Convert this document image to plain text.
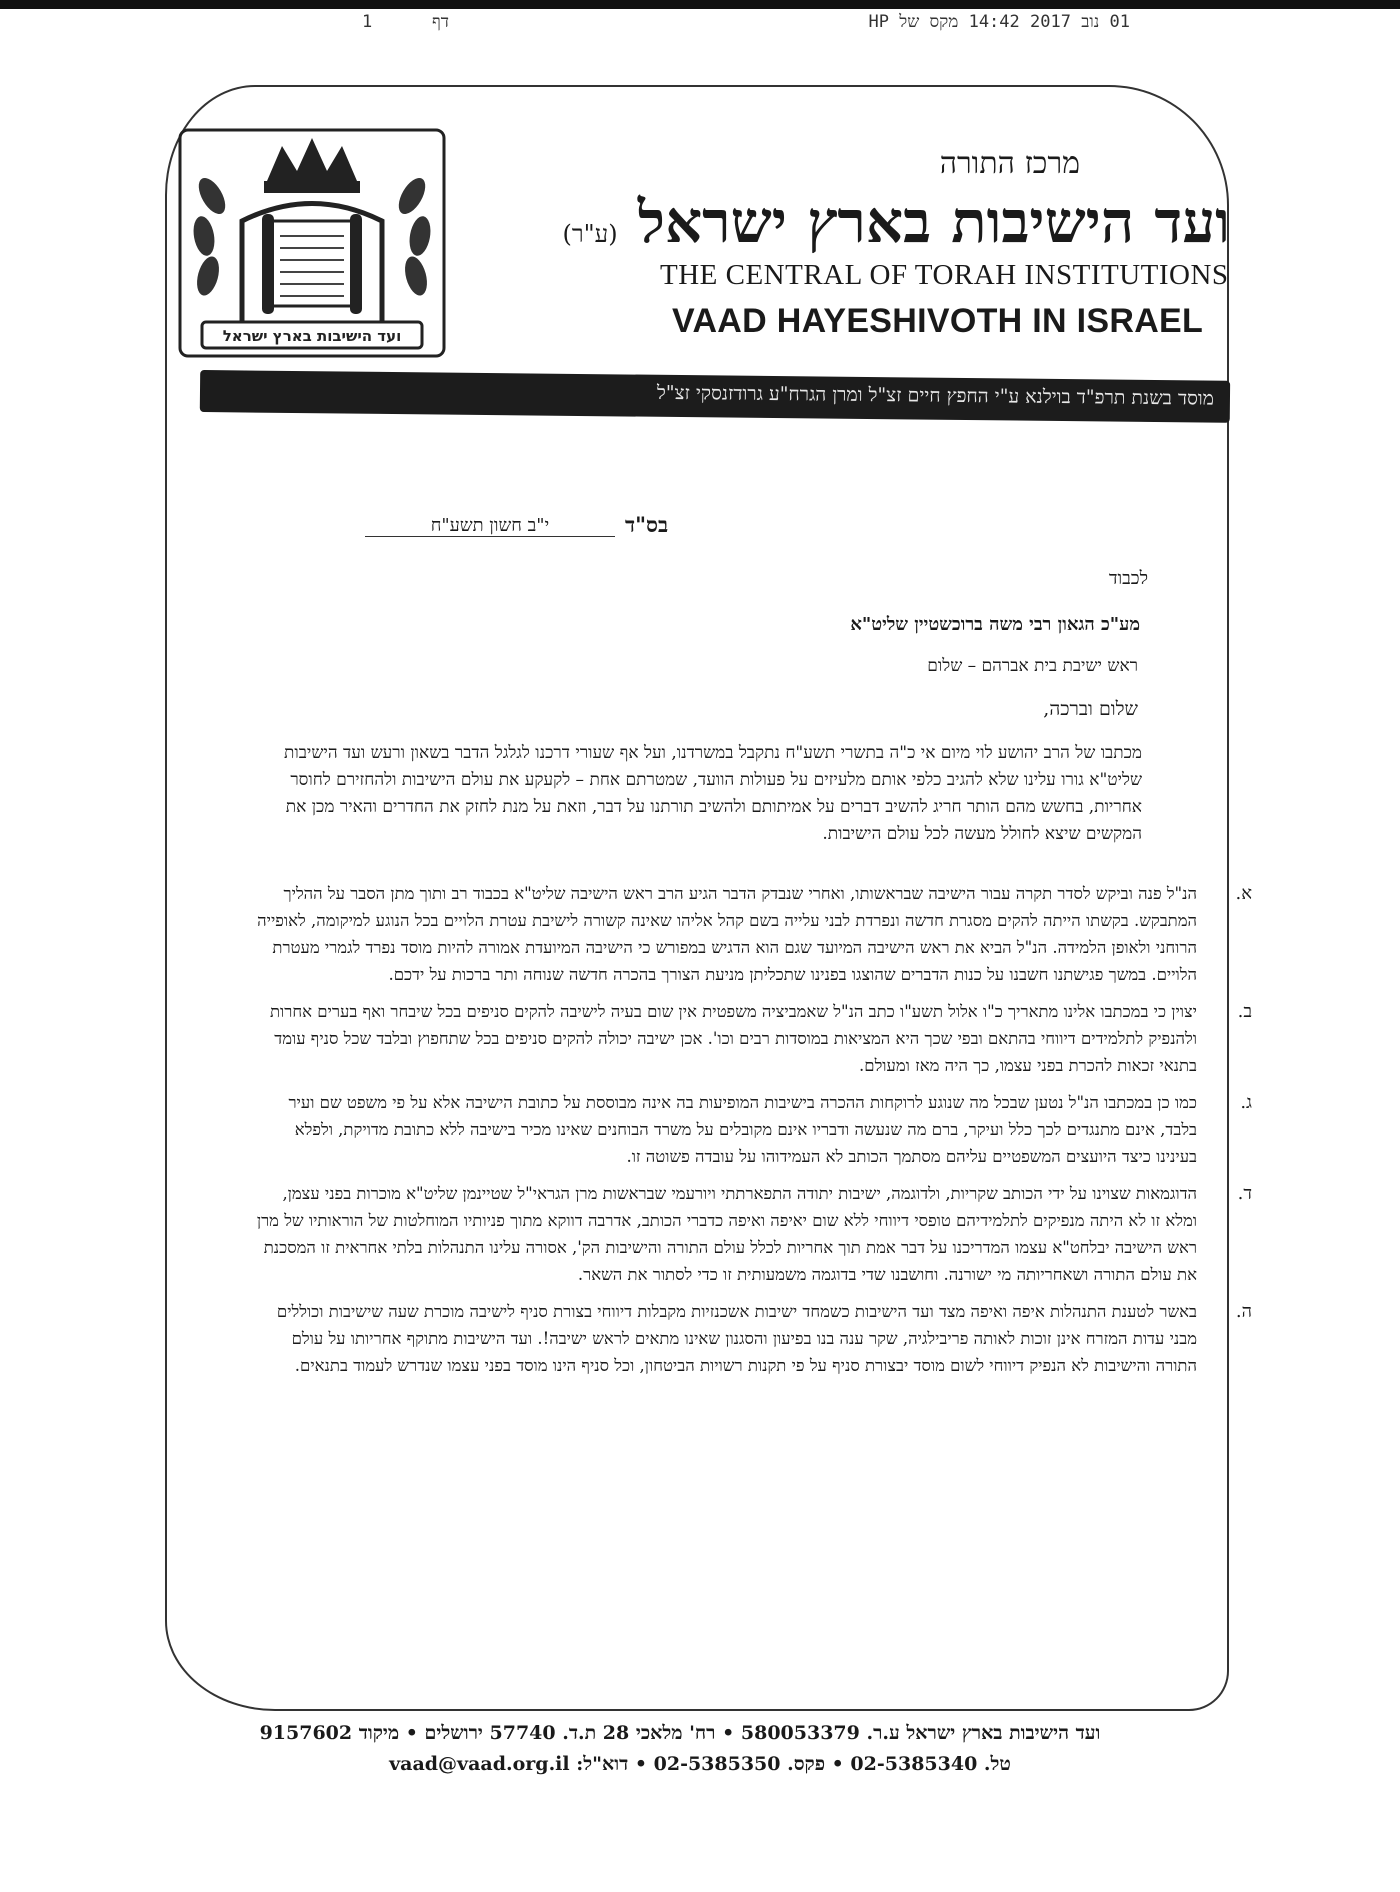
1	דף	01 נוב 2017 14:42 מקס של HP
ועד הישיבות בארץ ישראל
מרכז התורה
ועד הישיבות בארץ ישראל (ע"ר)
THE CENTRAL OF TORAH INSTITUTIONS
VAAD HAYESHIVOTH IN ISRAEL
מוסד בשנת תרפ"ד בוילנא ע"י החפץ חיים זצ"ל ומרן הגרח"ע גרודזנסקי זצ"ל
בס"ד
י"ב חשון תשע"ח
לכבוד
מע"כ הגאון רבי משה ברוכשטיין שליט"א
ראש ישיבת בית אברהם – שלום
שלום וברכה,
מכתבו של הרב יהושע לוי מיום אי כ"ה בתשרי תשע"ח נתקבל במשרדנו, ועל אף שעורי דרכנו לגלגל הדבר בשאון ורעש ועד הישיבות שליט"א גורו עלינו שלא להגיב כלפי אותם מלעיזים על פעולות הוועד, שמטרתם אחת – לקעקע את עולם הישיבות ולהחזירם לחוסר אחריות, בחשש מהם הותר חריג להשיב דברים על אמיתותם ולהשיב תורתנו על דבר, וזאת על מנת לחזק את החדרים והאיר מכן את המקשים שיצא לחולל מעשה לכל עולם הישיבות.
א.
הנ"ל פנה וביקש לסדר תקרה עבור הישיבה שבראשותו, ואחרי שנבדק הדבר הגיע הרב ראש הישיבה שליט"א בכבוד רב ותוך מתן הסבר על ההליך המתבקש. בקשתו הייתה להקים מסגרת חדשה ונפרדת לבני עלייה בשם קהל אליהו שאינה קשורה לישיבת עטרת הלויים בכל הנוגע למיקומה, לאופייה הרוחני ולאופן הלמידה. הנ"ל הביא את ראש הישיבה המיועד שגם הוא הדגיש במפורש כי הישיבה המיועדת אמורה להיות מוסד נפרד לגמרי מעטרת הלויים. במשך פגישתנו חשבנו על כנות הדברים שהוצגו בפנינו שתכליתן מניעת הצורך בהכרה חדשה שנוחה ותר ברכות על ידכם.
ב.
יצוין כי במכתבו אלינו מתאריך כ"ו אלול תשע"ו כתב הנ"ל שאמביציה משפטית אין שום בעיה לישיבה להקים סניפים בכל שיבחר ואף בערים אחרות ולהנפיק לתלמידים דיווחי בהתאם ובפי שכך היא המציאות במוסדות רבים וכו'. אכן ישיבה יכולה להקים סניפים בכל שתחפוץ ובלבד שכל סניף עומד בתנאי זכאות להכרת בפני עצמו, כך היה מאז ומעולם.
ג.
כמו כן במכתבו הנ"ל נטען שבכל מה שנוגע לרוקחות ההכרה בישיבות המופיעות בה אינה מבוססת על כתובת הישיבה אלא על פי משפט שם ועיר בלבד, אינם מתנגדים לכך כלל ועיקר, ברם מה שנעשה ודבריו אינם מקובלים על משרד הבוחנים שאינו מכיר בישיבה ללא כתובת מדויקת, ולפלא בעינינו כיצד היועצים המשפטיים עליהם מסתמך הכותב לא העמידוהו על עובדה פשוטה זו.
ד.
הדוגמאות שצוינו על ידי הכותב שקריות, ולדוגמה, ישיבות יתודה התפארתתי ויורעמי שבראשות מרן הגראי"ל שטיינמן שליט"א מוכרות בפני עצמן, ומלא זו לא היתה מנפיקים לתלמידיהם טופסי דיווחי ללא שום יאיפה ואיפה כדברי הכותב, אדרבה דווקא מתוך פניותיו המוחלטות של הוראותיו של מרן ראש הישיבה יבלחט"א עצמו המדריכנו על דבר אמת תוך אחריות לכלל עולם התורה והישיבות הק', אסורה עלינו התנהלות בלתי אחראית זו המסכנת את עולם התורה ושאחריותה מי ישורנה. וחושבנו שדי בדוגמה משמעותית זו כדי לסתור את השאר.
ה.
באשר לטענת התנהלות איפה ואיפה מצד ועד הישיבות כשמחד ישיבות אשכנזיות מקבלות דיווחי בצורת סניף לישיבה מוכרת שעה שישיבות וכוללים מבני עדות המזרח אינן זוכות לאותה פריבילגיה, שקר ענה בנו בפיעון והסגנון שאינו מתאים לראש ישיבה!. ועד הישיבות מתוקף אחריותו על עולם התורה והישיבות לא הנפיק דיווחי לשום מוסד יבצורת סניף על פי תקנות רשויות הביטחון, וכל סניף הינו מוסד בפני עצמו שנדרש לעמוד בתנאים.
ועד הישיבות בארץ ישראל ע.ר. 580053379 • רח' מלאכי 28 ת.ד. 57740 ירושלים • מיקוד 9157602
טל. 02-5385340 • פקס. 02-5385350 • דוא"ל: vaad@vaad.org.il
